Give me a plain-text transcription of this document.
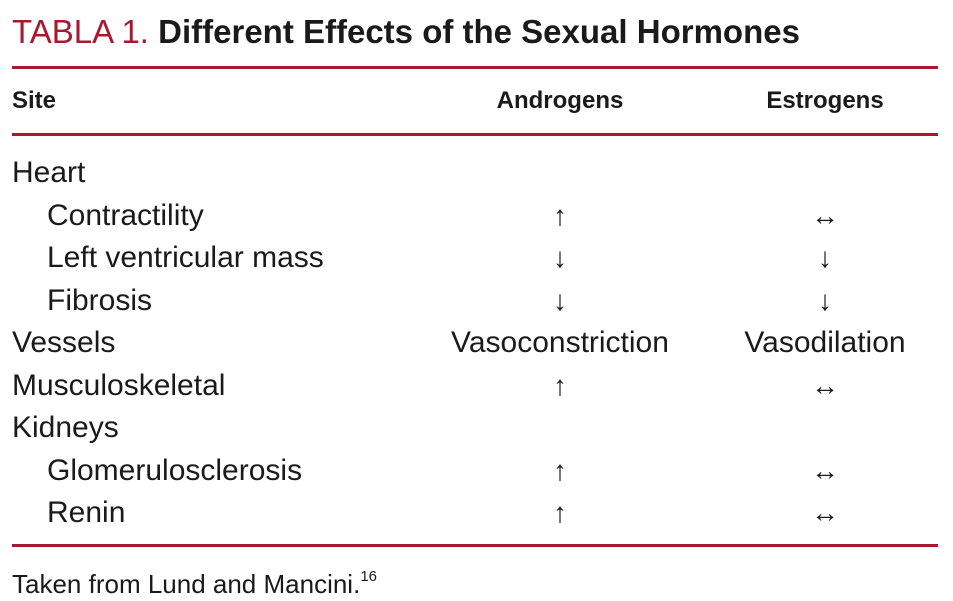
TABLA 1. Different Effects of the Sexual Hormones
Site	Androgens	Estrogens
Heart
Contractility	↑	↔
Left ventricular mass	↓	↓
Fibrosis	↓	↓
Vessels	Vasoconstriction	Vasodilation
Musculoskeletal	↑	↔
Kidneys
Glomerulosclerosis	↑	↔
Renin	↑	↔
Taken from Lund and Mancini.$^{16}$
